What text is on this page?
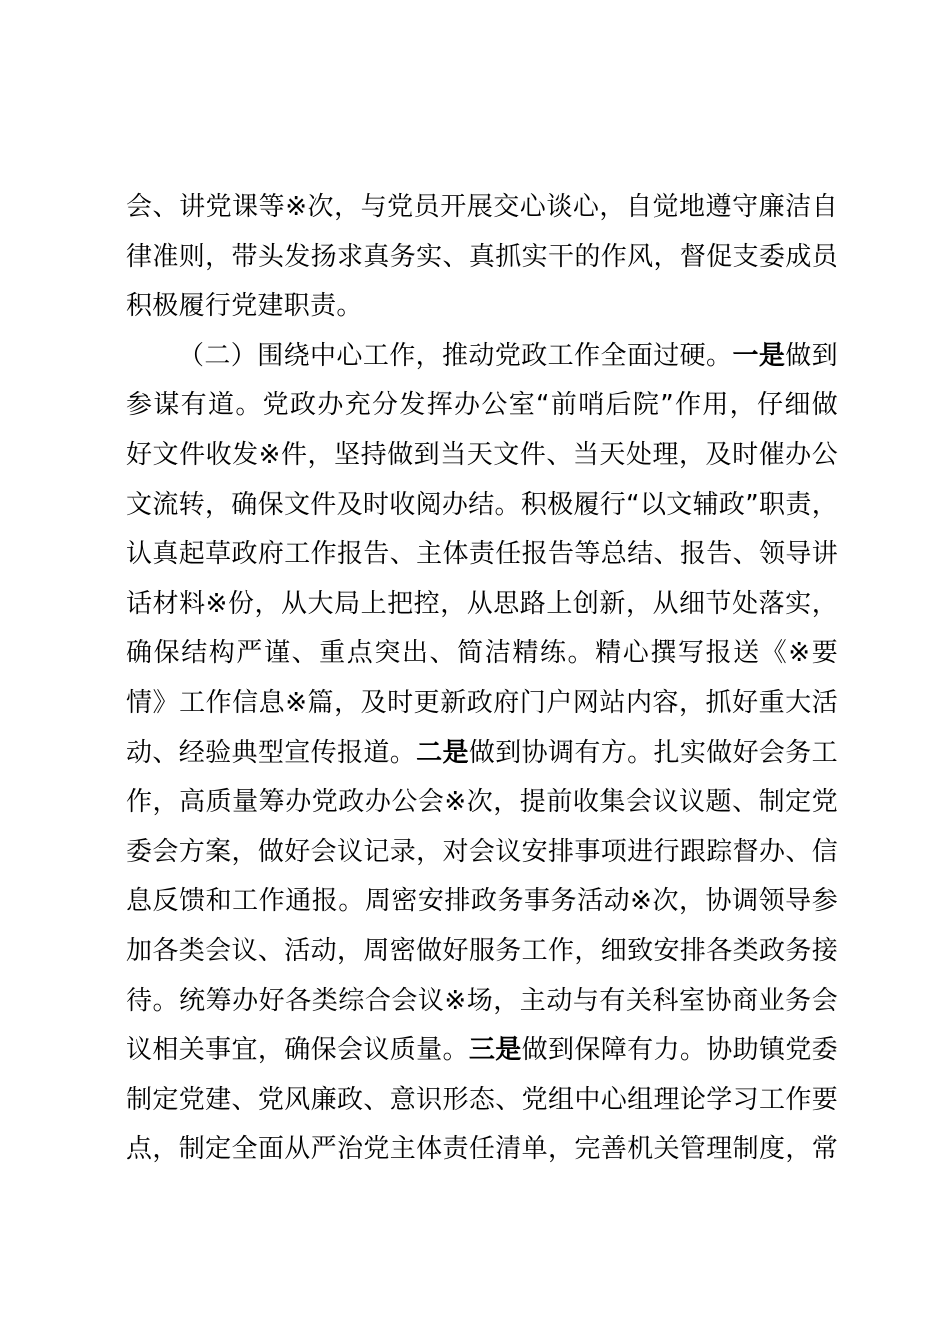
会、讲党课等※次，与党员开展交心谈心，自觉地遵守廉洁自
律准则，带头发扬求真务实、真抓实干的作风，督促支委成员
积极履行党建职责。
（二）围绕中心工作，推动党政工作全面过硬。一是做到
参谋有道。党政办充分发挥办公室“前哨后院”作用，仔细做
好文件收发※件，坚持做到当天文件、当天处理，及时催办公
文流转，确保文件及时收阅办结。积极履行“以文辅政”职责，
认真起草政府工作报告、主体责任报告等总结、报告、领导讲
话材料※份，从大局上把控，从思路上创新，从细节处落实，
确保结构严谨、重点突出、简洁精练。精心撰写报送《※要
情》工作信息※篇，及时更新政府门户网站内容，抓好重大活
动、经验典型宣传报道。二是做到协调有方。扎实做好会务工
作，高质量筹办党政办公会※次，提前收集会议议题、制定党
委会方案，做好会议记录，对会议安排事项进行跟踪督办、信
息反馈和工作通报。周密安排政务事务活动※次，协调领导参
加各类会议、活动，周密做好服务工作，细致安排各类政务接
待。统筹办好各类综合会议※场，主动与有关科室协商业务会
议相关事宜，确保会议质量。三是做到保障有力。协助镇党委
制定党建、党风廉政、意识形态、党组中心组理论学习工作要
点，制定全面从严治党主体责任清单，完善机关管理制度，常
